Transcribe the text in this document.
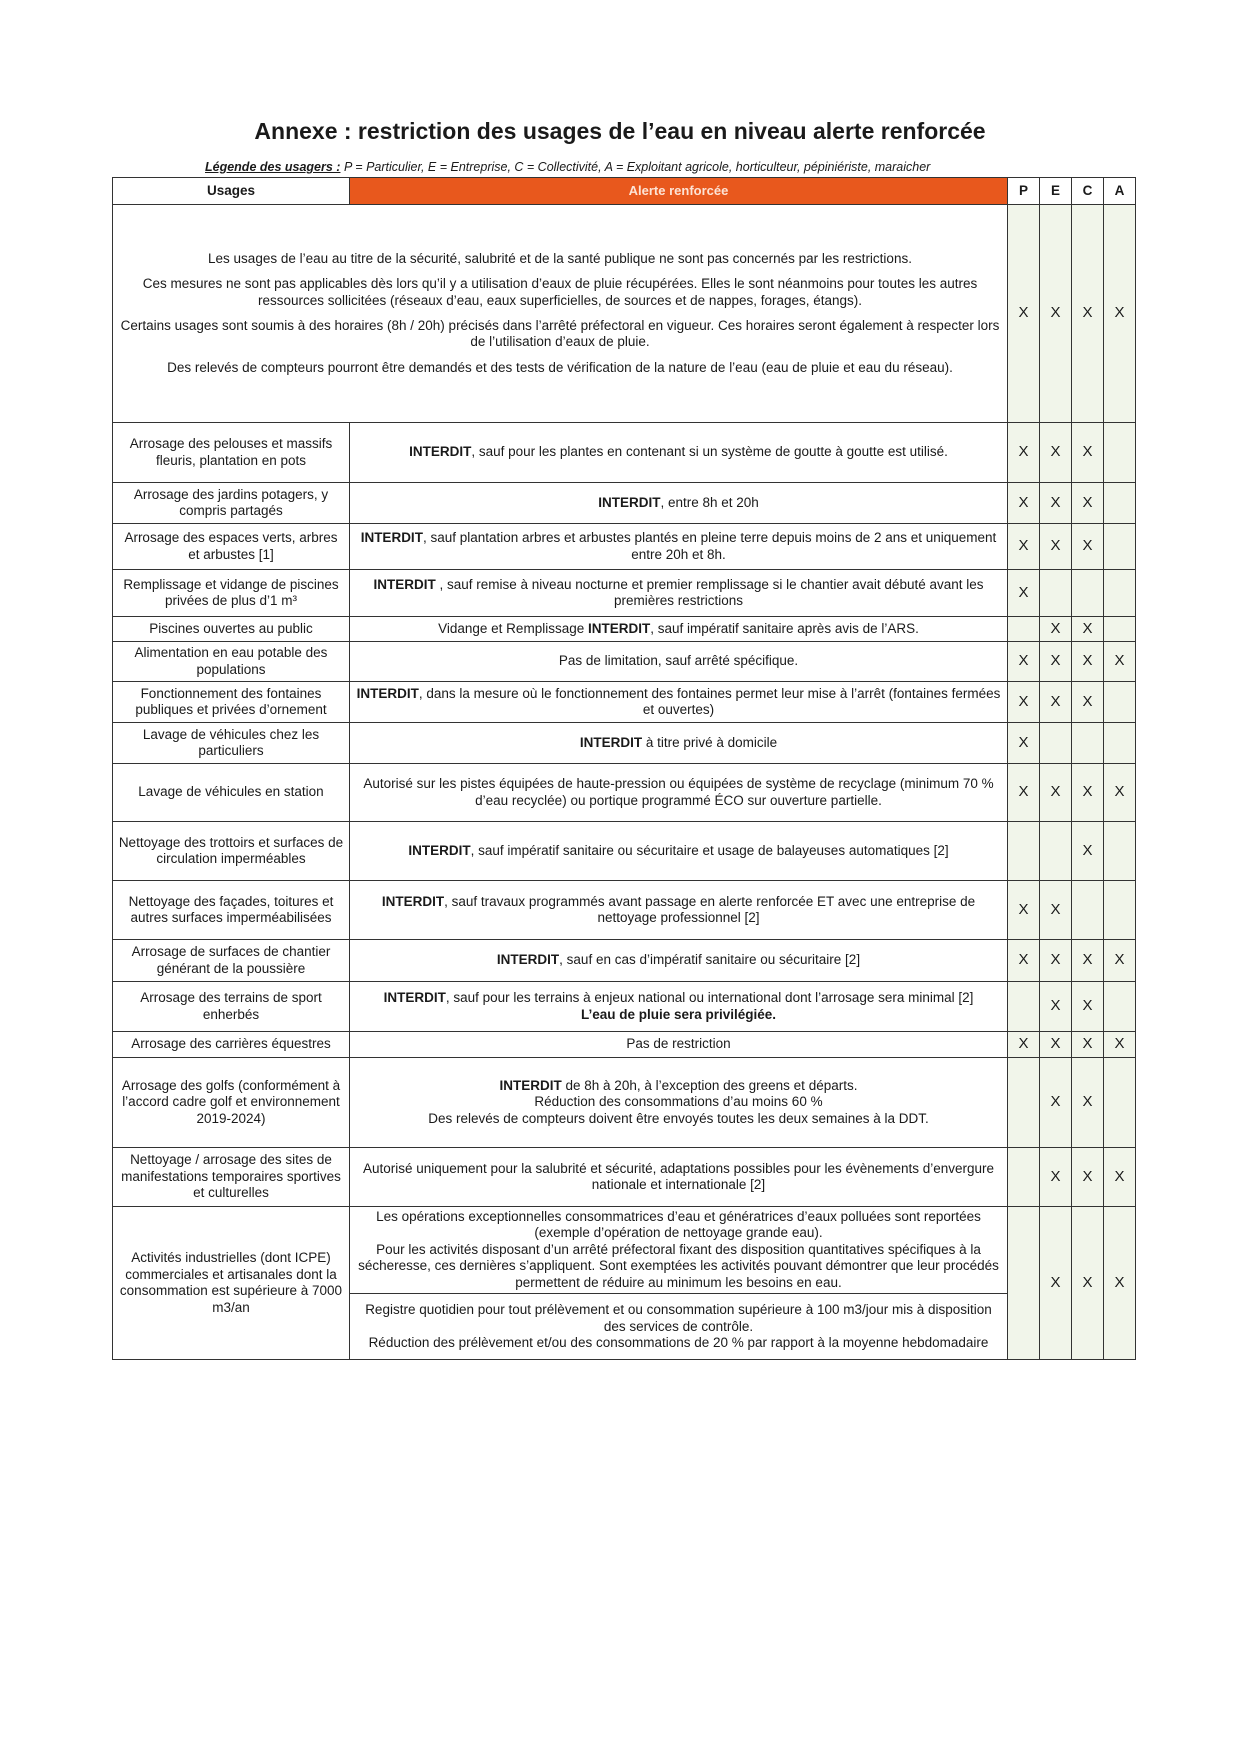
Annexe : restriction des usages de l’eau en niveau alerte renforcée
Légende des usagers : P = Particulier, E = Entreprise, C = Collectivité, A = Exploitant agricole, horticulteur, pépiniériste, maraicher
Usages	Alerte renforcée	P	E	C	A

Les usages de l’eau au titre de la sécurité, salubrité et de la santé publique ne sont pas concernés par les restrictions.

Ces mesures ne sont pas applicables dès lors qu’il y a utilisation d’eaux de pluie récupérées. Elles le sont néanmoins pour toutes les autres ressources sollicitées (réseaux d’eau, eaux superficielles, de sources et de nappes, forages, étangs).

Certains usages sont soumis à des horaires (8h / 20h) précisés dans l’arrêté préfectoral en vigueur. Ces horaires seront également à respecter lors de l’utilisation d’eaux de pluie.

Des relevés de compteurs pourront être demandés et des tests de vérification de la nature de l’eau (eau de pluie et eau du réseau).		X	X	X	X
Arrosage des pelouses et massifs fleuris, plantation en pots	INTERDIT, sauf pour les plantes en contenant si un système de goutte à goutte est utilisé.	X	X	X	
Arrosage des jardins potagers, y compris partagés	INTERDIT, entre 8h et 20h	X	X	X	
Arrosage des espaces verts, arbres et arbustes [1]	INTERDIT, sauf plantation arbres et arbustes plantés en pleine terre depuis moins de 2 ans et uniquement entre 20h et 8h.	X	X	X	
Remplissage et vidange de piscines privées de plus d’1 m³	INTERDIT , sauf remise à niveau nocturne et premier remplissage si le chantier avait débuté avant les premières restrictions	X			
Piscines ouvertes au public	Vidange et Remplissage INTERDIT, sauf impératif sanitaire après avis de l’ARS.		X	X	
Alimentation en eau potable des populations	Pas de limitation, sauf arrêté spécifique.	X	X	X	X
Fonctionnement des fontaines publiques et privées d’ornement	INTERDIT, dans la mesure où le fonctionnement des fontaines permet leur mise à l’arrêt (fontaines fermées et ouvertes)	X	X	X	
Lavage de véhicules chez les particuliers	INTERDIT à titre privé à domicile	X			
Lavage de véhicules en station	Autorisé sur les pistes équipées de haute-pression ou équipées de système de recyclage (minimum 70 % d’eau recyclée) ou portique programmé ÉCO sur ouverture partielle.	X	X	X	X
Nettoyage des trottoirs et surfaces de circulation imperméables	INTERDIT, sauf impératif sanitaire ou sécuritaire et usage de balayeuses automatiques [2]			X	
Nettoyage des façades, toitures et autres surfaces imperméabilisées	INTERDIT, sauf travaux programmés avant passage en alerte renforcée ET avec une entreprise de nettoyage professionnel [2]	X	X		
Arrosage de surfaces de chantier générant de la poussière	INTERDIT, sauf en cas d’impératif sanitaire ou sécuritaire [2]	X	X	X	X
Arrosage des terrains de sport enherbés	INTERDIT, sauf pour les terrains à enjeux national ou international dont l’arrosage sera minimal [2]
L’eau de pluie sera privilégiée.		X	X	
Arrosage des carrières équestres	Pas de restriction	X	X	X	X
Arrosage des golfs (conformément à l’accord cadre golf et environnement 2019-2024)	INTERDIT de 8h à 20h, à l’exception des greens et départs.
Réduction des consommations d’au moins 60 %
Des relevés de compteurs doivent être envoyés toutes les deux semaines à la DDT.		X	X	
Nettoyage / arrosage des sites de manifestations temporaires sportives et culturelles	Autorisé uniquement pour la salubrité et sécurité, adaptations possibles pour les évènements d’envergure nationale et internationale [2]		X	X	X
Activités industrielles (dont ICPE) commerciales et artisanales dont la consommation est supérieure à 7000 m3/an	Les opérations exceptionnelles consommatrices d’eau et génératrices d’eaux polluées sont reportées (exemple d’opération de nettoyage grande eau).
Pour les activités disposant d’un arrêté préfectoral fixant des disposition quantitatives spécifiques à la sécheresse, ces dernières s’appliquent. Sont exemptées les activités pouvant démontrer que leur procédés permettent de réduire au minimum les besoins en eau.		X	X	X
	Registre quotidien pour tout prélèvement et ou consommation supérieure à 100 m3/jour mis à disposition des services de contrôle.
Réduction des prélèvement et/ou des consommations de 20 % par rapport à la moyenne hebdomadaire				
